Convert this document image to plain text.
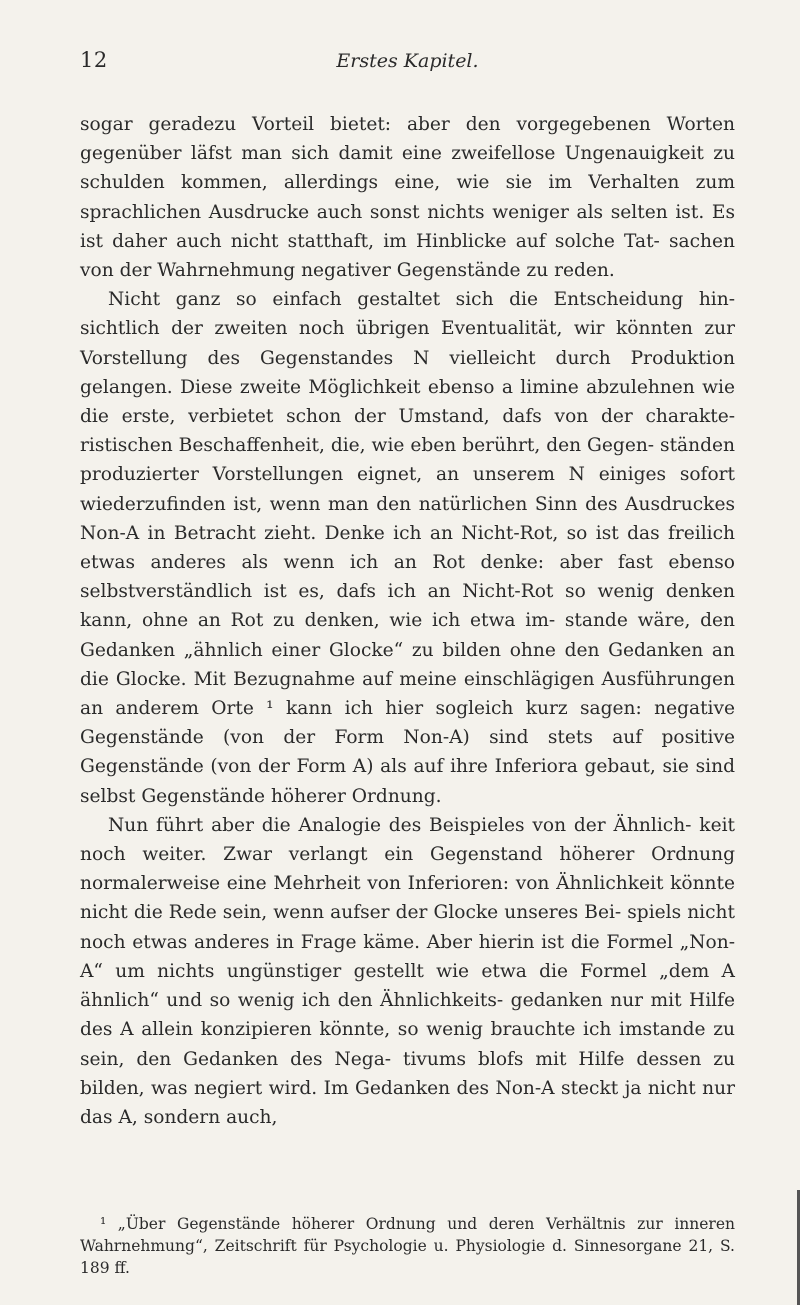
12	Erstes Kapitel.

sogar geradezu Vorteil bietet: aber den vorgegebenen Worten gegenüber läfst man sich damit eine zweifellose Ungenauigkeit zu schulden kommen, allerdings eine, wie sie im Verhalten zum sprachlichen Ausdrucke auch sonst nichts weniger als selten ist. Es ist daher auch nicht statthaft, im Hinblicke auf solche Tat- sachen von der Wahrnehmung negativer Gegenstände zu reden.

Nicht ganz so einfach gestaltet sich die Entscheidung hin- sichtlich der zweiten noch übrigen Eventualität, wir könnten zur Vorstellung des Gegenstandes N vielleicht durch Produktion gelangen. Diese zweite Möglichkeit ebenso a limine abzulehnen wie die erste, verbietet schon der Umstand, dafs von der charakte- ristischen Beschaffenheit, die, wie eben berührt, den Gegen- ständen produzierter Vorstellungen eignet, an unserem N einiges sofort wiederzufinden ist, wenn man den natürlichen Sinn des Ausdruckes Non-A in Betracht zieht. Denke ich an Nicht-Rot, so ist das freilich etwas anderes als wenn ich an Rot denke: aber fast ebenso selbstverständlich ist es, dafs ich an Nicht-Rot so wenig denken kann, ohne an Rot zu denken, wie ich etwa im- stande wäre, den Gedanken „ähnlich einer Glocke“ zu bilden ohne den Gedanken an die Glocke. Mit Bezugnahme auf meine einschlägigen Ausführungen an anderem Orte ¹ kann ich hier sogleich kurz sagen: negative Gegenstände (von der Form Non-A) sind stets auf positive Gegenstände (von der Form A) als auf ihre Inferiora gebaut, sie sind selbst Gegenstände höherer Ordnung.

Nun führt aber die Analogie des Beispieles von der Ähnlich- keit noch weiter. Zwar verlangt ein Gegenstand höherer Ordnung normalerweise eine Mehrheit von Inferioren: von Ähnlichkeit könnte nicht die Rede sein, wenn aufser der Glocke unseres Bei- spiels nicht noch etwas anderes in Frage käme. Aber hierin ist die Formel „Non-A“ um nichts ungünstiger gestellt wie etwa die Formel „dem A ähnlich“ und so wenig ich den Ähnlichkeits- gedanken nur mit Hilfe des A allein konzipieren könnte, so wenig brauchte ich imstande zu sein, den Gedanken des Nega- tivums blofs mit Hilfe dessen zu bilden, was negiert wird. Im Gedanken des Non-A steckt ja nicht nur das A, sondern auch,

¹ „Über Gegenstände höherer Ordnung und deren Verhältnis zur inneren Wahrnehmung“, Zeitschrift für Psychologie u. Physiologie d. Sinnesorgane 21, S. 189 ff.
